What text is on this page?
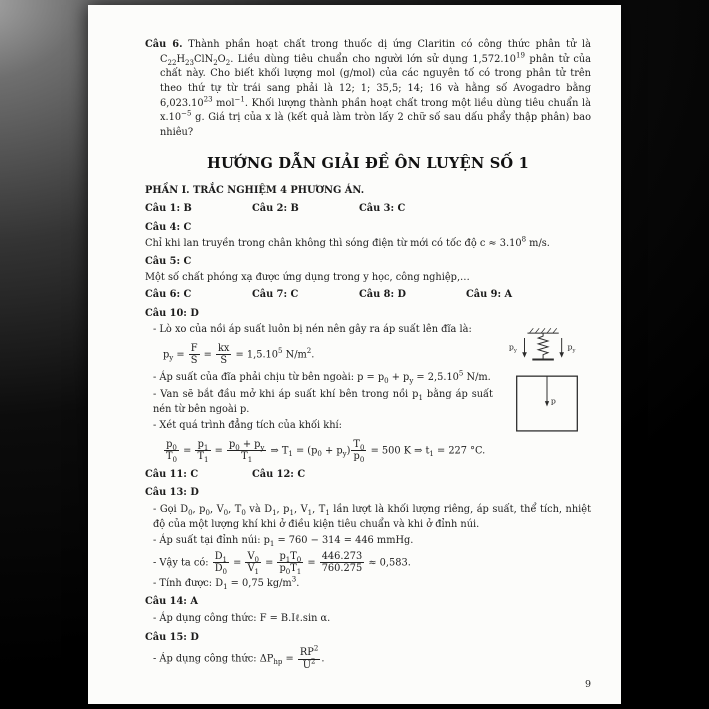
Câu 6. Thành phần hoạt chất trong thuốc dị ứng Claritin có công thức phân tử là $C_{22}H_{23}ClN_2O_2$. Liều dùng tiêu chuẩn cho người lớn sử dụng 1,572.10$^{19}$ phân tử của chất này. Cho biết khối lượng mol (g/mol) của các nguyên tố có trong phân tử trên theo thứ tự từ trái sang phải là 12; 1; 35,5; 14; 16 và hằng số Avogadro bằng 6,023.10$^{23}$ mol$^{-1}$. Khối lượng thành phần hoạt chất trong một liều dùng tiêu chuẩn là $x.10^{-5}$ g. Giá trị của x là (kết quả làm tròn lấy 2 chữ số sau dấu phẩy thập phân) bao nhiêu?

HƯỚNG DẪN GIẢI ĐỀ ÔN LUYỆN SỐ 1
PHẦN I. TRẮC NGHIỆM 4 PHƯƠNG ÁN.
Câu 1: B	Câu 2: B	Câu 3: C
Câu 4: C
Chỉ khi lan truyền trong chân không thì sóng điện từ mới có tốc độ $c \approx 3.10^8$ m/s.
Câu 5: C
Một số chất phóng xạ được ứng dụng trong y học, công nghiệp,…
Câu 6: C	Câu 7: C	Câu 8: D	Câu 9: A
Câu 10: D
$p_y$	$p_y$
p
- Lò xo của nồi áp suất luôn bị nén nên gây ra áp suất lên đĩa là:
$p_y = \frac{F}{S} = \frac{kx}{S} = 1,5.10^5$ $N/m^2$.
- Áp suất của đĩa phải chịu từ bên ngoài: $p = p_0 + p_y = 2,5.10^5$ N/m.
- Van sẽ bắt đầu mở khi áp suất khí bên trong nồi $p_1$ bằng áp suất nén từ bên ngoài p.
- Xét quá trình đẳng tích của khối khí:
$\frac{p_0}{T_0} = \frac{p_1}{T_1} = \frac{p_0 + p_y}{T_1}$ ⇒ $T_1 = (p_0 + p_y) \frac{T_0}{p_0} = 500$ K ⇒ $t_1 = 227$ °C.
Câu 11: C	Câu 12: C
Câu 13: D
- Gọi $D_0$, $p_0$, $V_0$, $T_0$ và $D_1$, $p_1$, $V_1$, $T_1$ lần lượt là khối lượng riêng, áp suất, thể tích, nhiệt độ của một lượng khí khi ở điều kiện tiêu chuẩn và khi ở đỉnh núi.
- Áp suất tại đỉnh núi: $p_1 = 760 - 314 = 446$ mmHg.
- Vậy ta có: $\frac{D_1}{D_0} = \frac{V_0}{V_1} = \frac{p_1T_0}{p_0T_1} = \frac{446.273}{760.275} \approx 0,583$.
- Tính được: $D_1 = 0,75$ $kg/m^3$.
Câu 14: A
- Áp dụng công thức: F = B.Iℓ.sin α.
Câu 15: D
- Áp dụng công thức: $\Delta P_{hp} = \frac{RP^2}{U^2}$ .
9
